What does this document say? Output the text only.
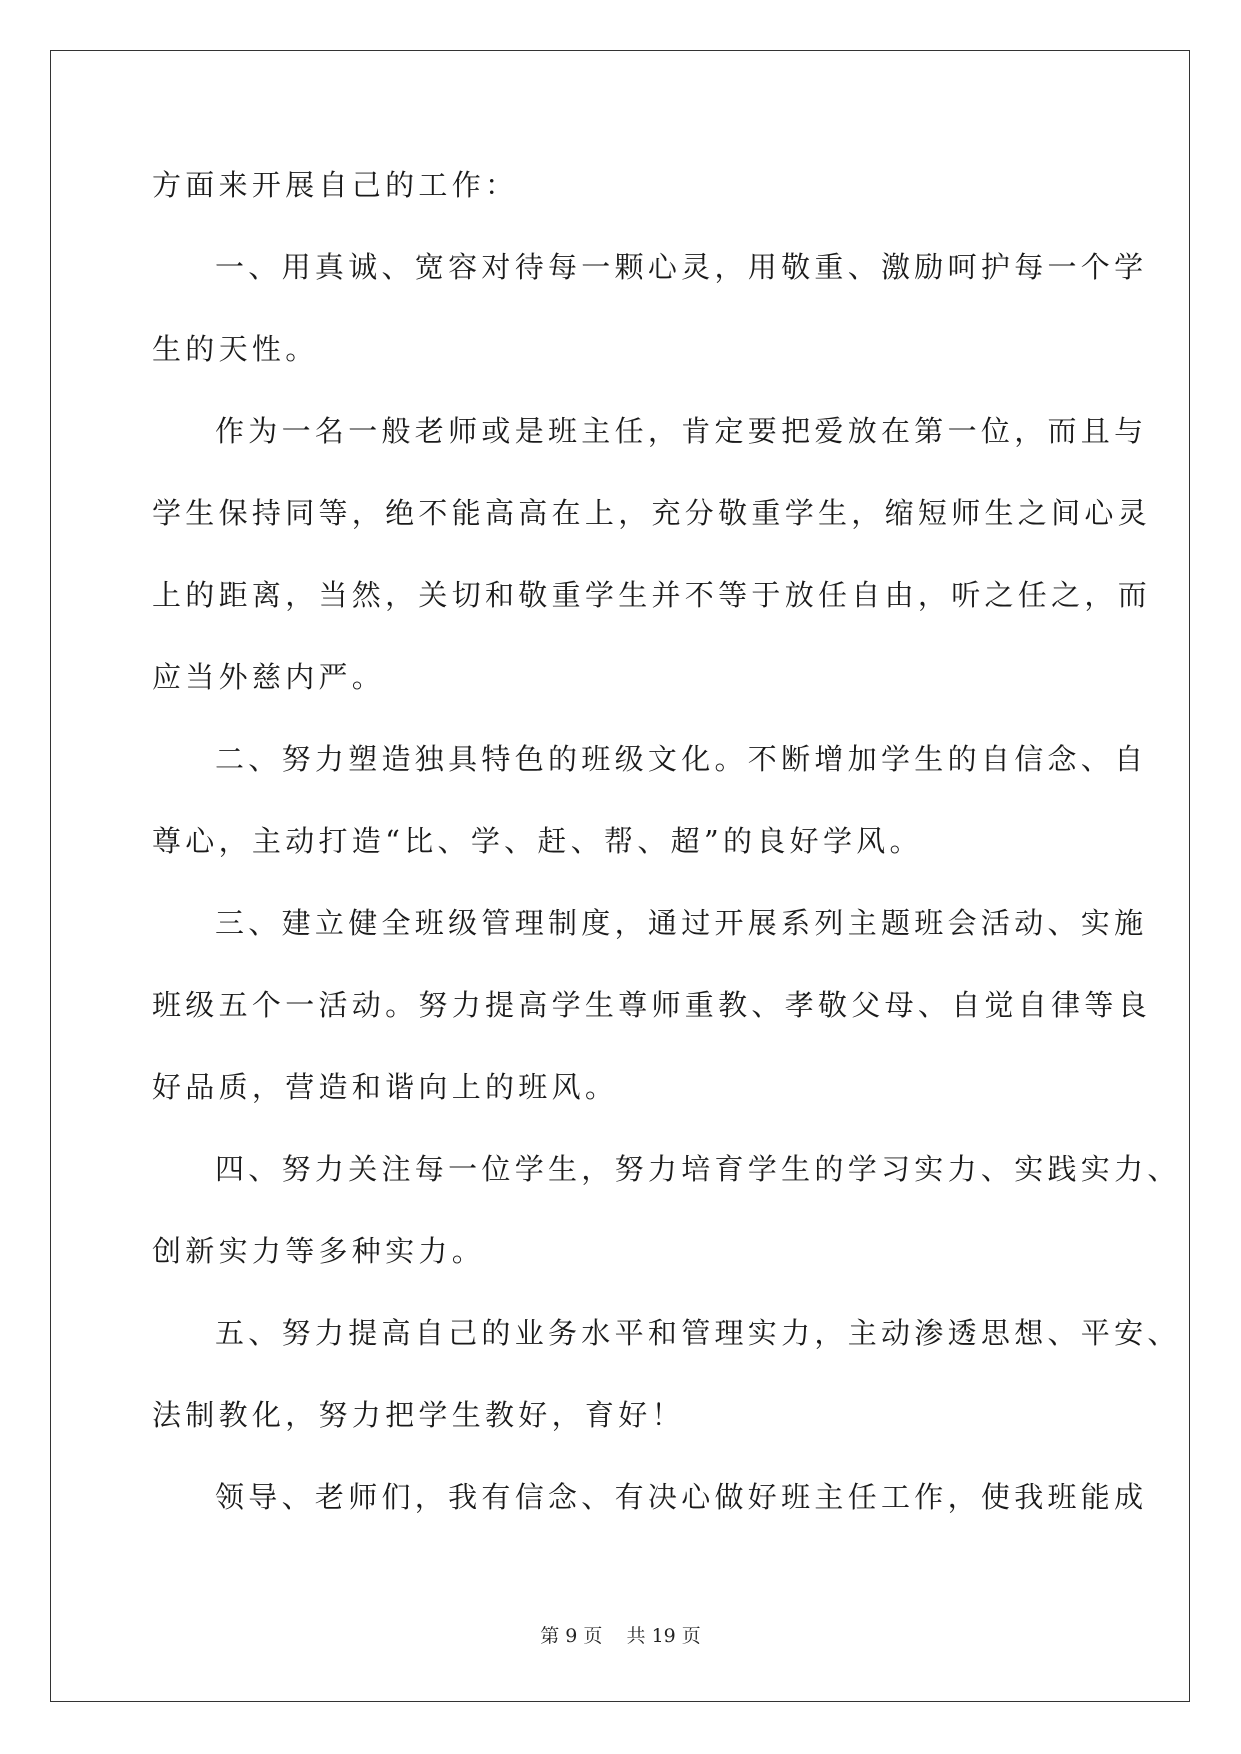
方面来开展自己的工作：
一、用真诚、宽容对待每一颗心灵，用敬重、激励呵护每一个学
生的天性。
作为一名一般老师或是班主任，肯定要把爱放在第一位，而且与
学生保持同等，绝不能高高在上，充分敬重学生，缩短师生之间心灵
上的距离，当然，关切和敬重学生并不等于放任自由，听之任之，而
应当外慈内严。
二、努力塑造独具特色的班级文化。不断增加学生的自信念、自
尊心，主动打造“比、学、赶、帮、超”的良好学风。
三、建立健全班级管理制度，通过开展系列主题班会活动、实施
班级五个一活动。努力提高学生尊师重教、孝敬父母、自觉自律等良
好品质，营造和谐向上的班风。
四、努力关注每一位学生，努力培育学生的学习实力、实践实力、
创新实力等多种实力。
五、努力提高自己的业务水平和管理实力，主动渗透思想、平安、
法制教化，努力把学生教好，育好！
领导、老师们，我有信念、有决心做好班主任工作，使我班能成
第 9 页 共 19 页
